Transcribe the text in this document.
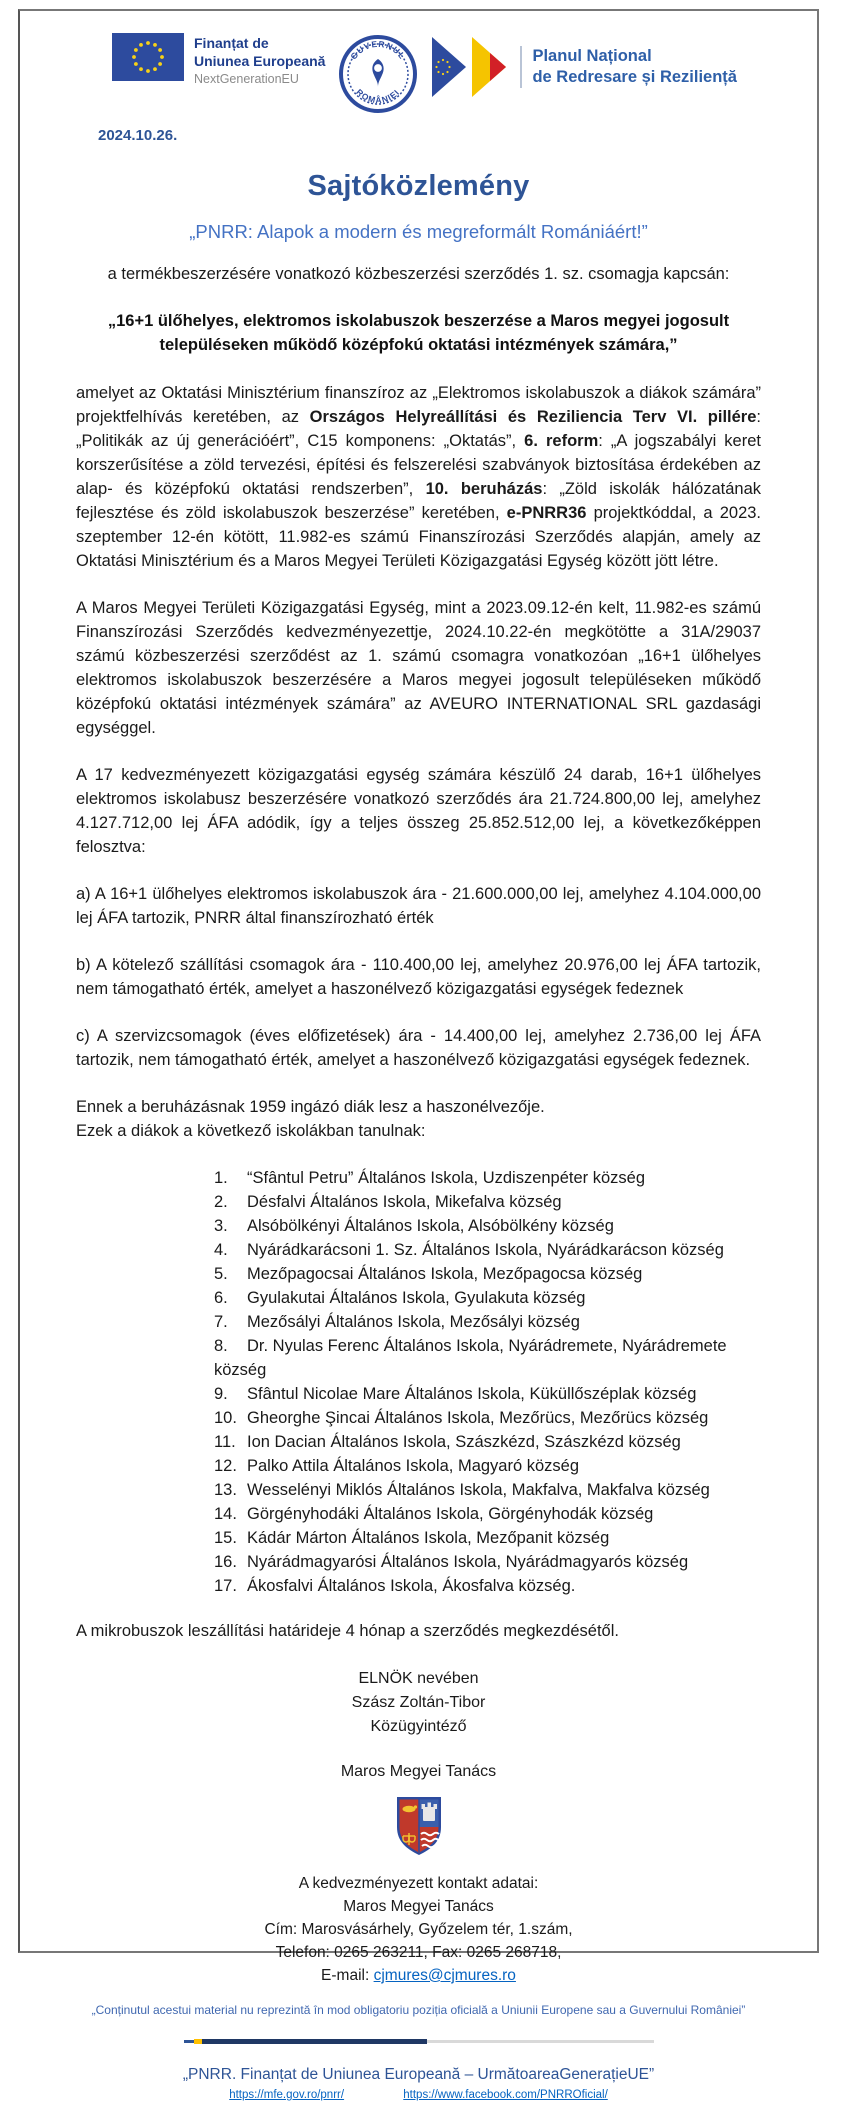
Finanțat de
Uniunea Europeană
NextGenerationEU
GUVERNUL
ROMÂNIEI
Planul Național
de Redresare și Reziliență
2024.10.26.
Sajtóközlemény
„PNRR: Alapok a modern és megreformált Romániáért!”
a termékbeszerzésére vonatkozó közbeszerzési szerződés 1. sz. csomagja kapcsán:
„16+1 ülőhelyes, elektromos iskolabuszok beszerzése a Maros megyei jogosult településeken működő középfokú oktatási intézmények számára,”

amelyet az Oktatási Minisztérium finanszíroz az „Elektromos iskolabuszok a diákok számára” projektfelhívás keretében, az Országos Helyreállítási és Reziliencia Terv VI. pillére: „Politikák az új generációért”, C15 komponens: „Oktatás”, 6. reform: „A jogszabályi keret korszerűsítése a zöld tervezési, építési és felszerelési szabványok biztosítása érdekében az alap- és középfokú oktatási rendszerben”, 10. beruházás: „Zöld iskolák hálózatának fejlesztése és zöld iskolabuszok beszerzése” keretében, e-PNRR36 projektkóddal, a 2023. szeptember 12-én kötött, 11.982-es számú Finanszírozási Szerződés alapján, amely az Oktatási Minisztérium és a Maros Megyei Területi Közigazgatási Egység között jött létre.

A Maros Megyei Területi Közigazgatási Egység, mint a 2023.09.12-én kelt, 11.982-es számú Finanszírozási Szerződés kedvezményezettje, 2024.10.22-én megkötötte a 31A/29037 számú közbeszerzési szerződést az 1. számú csomagra vonatkozóan „16+1 ülőhelyes elektromos iskolabuszok beszerzésére a Maros megyei jogosult településeken működő középfokú oktatási intézmények számára” az AVEURO INTERNATIONAL SRL gazdasági egységgel.

A 17 kedvezményezett közigazgatási egység számára készülő 24 darab, 16+1 ülőhelyes elektromos iskolabusz beszerzésére vonatkozó szerződés ára 21.724.800,00 lej, amelyhez 4.127.712,00 lej ÁFA adódik, így a teljes összeg 25.852.512,00 lej, a következőképpen felosztva:

a) A 16+1 ülőhelyes elektromos iskolabuszok ára - 21.600.000,00 lej, amelyhez 4.104.000,00 lej ÁFA tartozik, PNRR által finanszírozható érték

b) A kötelező szállítási csomagok ára - 110.400,00 lej, amelyhez 20.976,00 lej ÁFA tartozik, nem támogatható érték, amelyet a haszonélvező közigazgatási egységek fedeznek

c) A szervizcsomagok (éves előfizetések) ára - 14.400,00 lej, amelyhez 2.736,00 lej ÁFA tartozik, nem támogatható érték, amelyet a haszonélvező közigazgatási egységek fedeznek.

Ennek a beruházásnak 1959 ingázó diák lesz a haszonélvezője.
Ezek a diákok a következő iskolákban tanulnak:

1. “Sfântul Petru” Általános Iskola, Uzdiszenpéter község
2. Désfalvi Általános Iskola, Mikefalva község
3. Alsóbölkényi Általános Iskola, Alsóbölkény község
4. Nyárádkarácsoni 1. Sz. Általános Iskola, Nyárádkarácson község
5. Mezőpagocsai Általános Iskola, Mezőpagocsa község
6. Gyulakutai Általános Iskola, Gyulakuta község
7. Mezősályi Általános Iskola, Mezősályi község
8. Dr. Nyulas Ferenc Általános Iskola, Nyárádremete, Nyárádremete község
9. Sfântul Nicolae Mare Általános Iskola, Küküllőszéplak község
10. Gheorghe Şincai Általános Iskola, Mezőrücs, Mezőrücs község
11. Ion Dacian Általános Iskola, Szászkézd, Szászkézd község
12. Palko Attila Általános Iskola, Magyaró község
13. Wesselényi Miklós Általános Iskola, Makfalva, Makfalva község
14. Görgényhodáki Általános Iskola, Görgényhodák község
15. Kádár Márton Általános Iskola, Mezőpanit község
16. Nyárádmagyarósi Általános Iskola, Nyárádmagyarós község
17. Ákosfalvi Általános Iskola, Ákosfalva község.
A mikrobuszok leszállítási határideje 4 hónap a szerződés megkezdésétől.
ELNÖK nevében
Szász Zoltán-Tibor
Közügyintéző
Maros Megyei Tanács
A kedvezményezett kontakt adatai:
Maros Megyei Tanács
Cím: Marosvásárhely, Győzelem tér, 1.szám,
Telefon: 0265 263211, Fax: 0265 268718,
E-mail: cjmures@cjmures.ro
„Conținutul acestui material nu reprezintă în mod obligatoriu poziția oficială a Uniunii Europene sau a Guvernului României”
„PNRR. Finanțat de Uniunea Europeană – UrmătoareaGenerațieUE”
https://mfe.gov.ro/pnrr/	https://www.facebook.com/PNRROficial/
